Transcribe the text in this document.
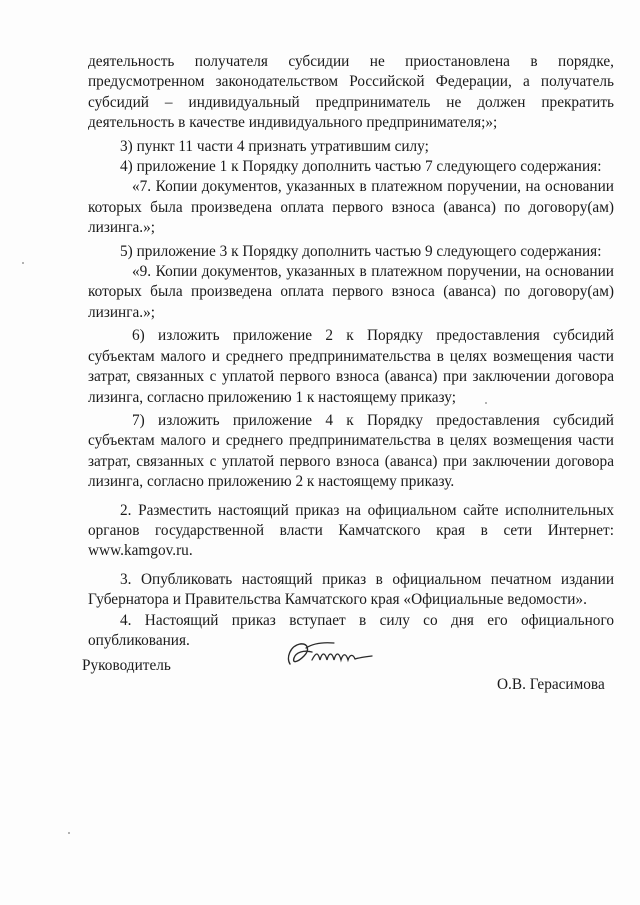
деятельность получателя субсидии не приостановлена в порядке, предусмотренном законодательством Российской Федерации, а получатель субсидий – индивидуальный предприниматель не должен прекратить деятельность в качестве индивидуального предпринимателя;»;

3) пункт 11 части 4 признать утратившим силу;

4) приложение 1 к Порядку дополнить частью 7 следующего содержания:

«7. Копии документов, указанных в платежном поручении, на основании которых была произведена оплата первого взноса (аванса) по договору(ам) лизинга.»;

5) приложение 3 к Порядку дополнить частью 9 следующего содержания:

«9. Копии документов, указанных в платежном поручении, на основании которых была произведена оплата первого взноса (аванса) по договору(ам) лизинга.»;

6) изложить приложение 2 к Порядку предоставления субсидий субъектам малого и среднего предпринимательства в целях возмещения части затрат, связанных с уплатой первого взноса (аванса) при заключении договора лизинга, согласно приложению 1 к настоящему приказу;

7) изложить приложение 4 к Порядку предоставления субсидий субъектам малого и среднего предпринимательства в целях возмещения части затрат, связанных с уплатой первого взноса (аванса) при заключении договора лизинга, согласно приложению 2 к настоящему приказу.

2. Разместить настоящий приказ на официальном сайте исполнительных органов государственной власти Камчатского края в сети Интернет: www.kamgov.ru.

3. Опубликовать настоящий приказ в официальном печатном издании Губернатора и Правительства Камчатского края «Официальные ведомости».

4. Настоящий приказ вступает в силу со дня его официального опубликования.

Руководитель
О.В. Герасимова
